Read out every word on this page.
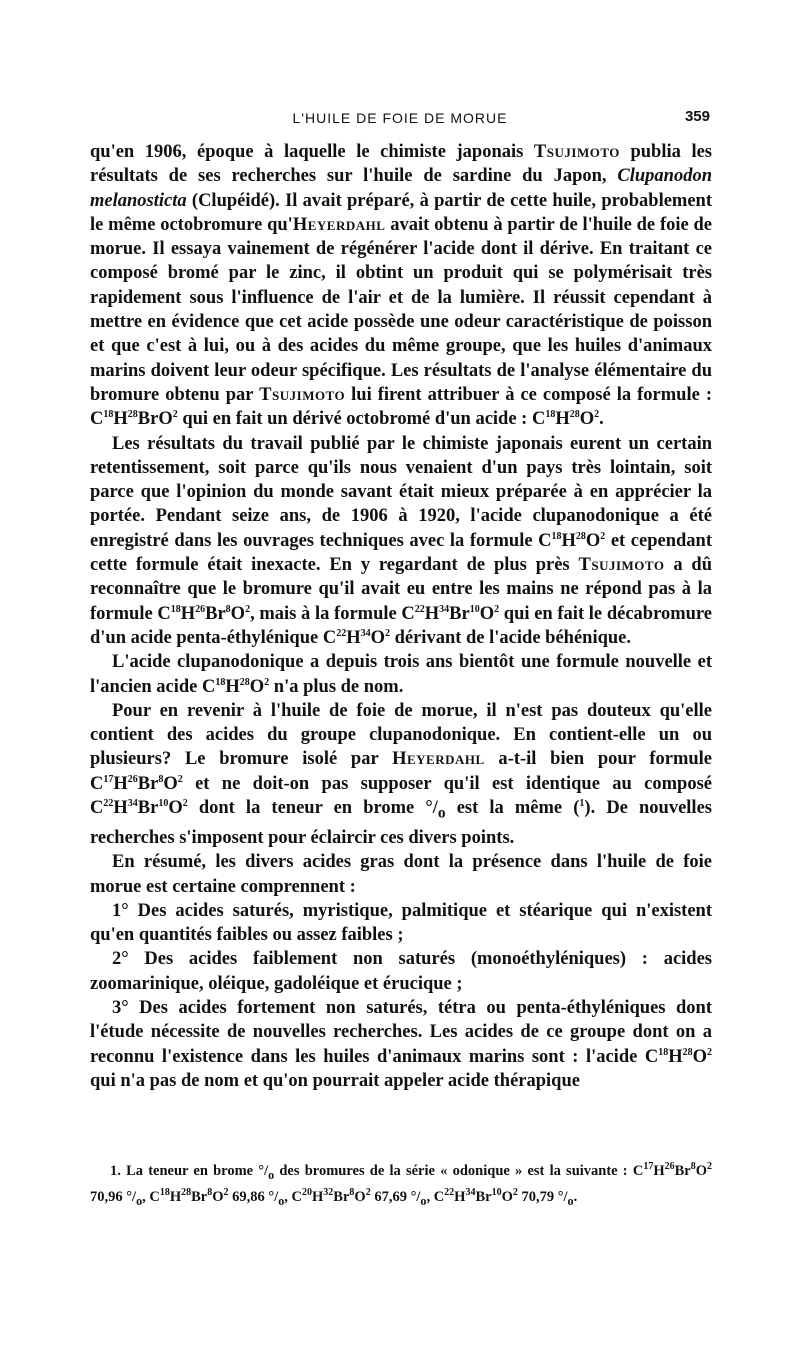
L'HUILE DE FOIE DE MORUE	359

qu'en 1906, époque à laquelle le chimiste japonais Tsujimoto publia les résultats de ses recherches sur l'huile de sardine du Japon, Clupanodon melanosticta (Clupéidé). Il avait préparé, à partir de cette huile, probablement le même octobromure qu'Heyerdahl avait obtenu à partir de l'huile de foie de morue. Il essaya vainement de régénérer l'acide dont il dérive. En traitant ce composé bromé par le zinc, il obtint un produit qui se polymérisait très rapidement sous l'influence de l'air et de la lumière. Il réussit cependant à mettre en évidence que cet acide possède une odeur caractéristique de poisson et que c'est à lui, ou à des acides du même groupe, que les huiles d'animaux marins doivent leur odeur spécifique. Les résultats de l'analyse élémentaire du bromure obtenu par Tsujimoto lui firent attribuer à ce composé la formule : $C^{18}H^{28}BrO^2$ qui en fait un dérivé octobromé d'un acide : $C^{18}H^{28}O^2$.

Les résultats du travail publié par le chimiste japonais eurent un certain retentissement, soit parce qu'ils nous venaient d'un pays très lointain, soit parce que l'opinion du monde savant était mieux préparée à en apprécier la portée. Pendant seize ans, de 1906 à 1920, l'acide clupanodonique a été enregistré dans les ouvrages techniques avec la formule $C^{18}H^{28}O^2$ et cependant cette formule était inexacte. En y regardant de plus près Tsujimoto a dû reconnaître que le bromure qu'il avait eu entre les mains ne répond pas à la formule $C^{18}H^{26}Br^8O^2$, mais à la formule $C^{22}H^{34}Br^{10}O^2$ qui en fait le décabromure d'un acide penta-éthylénique $C^{22}H^{34}O^2$ dérivant de l'acide béhénique.

L'acide clupanodonique a depuis trois ans bientôt une formule nouvelle et l'ancien acide $C^{18}H^{28}O^2$ n'a plus de nom.

Pour en revenir à l'huile de foie de morue, il n'est pas douteux qu'elle contient des acides du groupe clupanodonique. En contient-elle un ou plusieurs? Le bromure isolé par Heyerdahl a-t-il bien pour formule $C^{17}H^{26}Br^8O^2$ et ne doit-on pas supposer qu'il est identique au composé $C^{22}H^{34}Br^{10}O^2$ dont la teneur en brome $^\circ/_o$ est la même ($^1$). De nouvelles recherches s'imposent pour éclaircir ces divers points.

En résumé, les divers acides gras dont la présence dans l'huile de foie morue est certaine comprennent :

1° Des acides saturés, myristique, palmitique et stéarique qui n'existent qu'en quantités faibles ou assez faibles ;

2° Des acides faiblement non saturés (monoéthyléniques) : acides zoomarinique, oléique, gadoléique et érucique ;

3° Des acides fortement non saturés, tétra ou penta-éthyléniques dont l'étude nécessite de nouvelles recherches. Les acides de ce groupe dont on a reconnu l'existence dans les huiles d'animaux marins sont : l'acide $C^{18}H^{28}O^2$ qui n'a pas de nom et qu'on pourrait appeler acide thérapique

1. La teneur en brome $^\circ/_o$ des bromures de la série « odonique » est la suivante : $C^{17}H^{26}Br^8O^2$ 70,96 $^\circ/_o$, $C^{18}H^{28}Br^8O^2$ 69,86 $^\circ/_o$, $C^{20}H^{32}Br^8O^2$ 67,69 $^\circ/_o$, $C^{22}H^{34}Br^{10}O^2$ 70,79 $^\circ/_o$.
